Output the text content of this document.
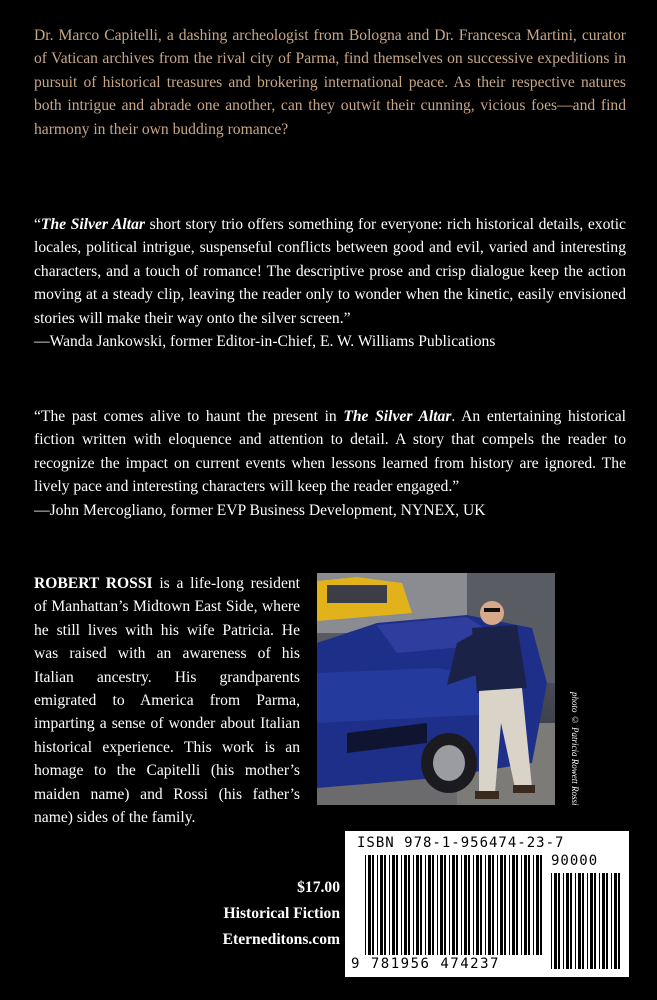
Dr. Marco Capitelli, a dashing archeologist from Bologna and Dr. Francesca Martini, curator of Vatican archives from the rival city of Parma, find themselves on successive expeditions in pursuit of historical treasures and brokering international peace. As their respective natures both intrigue and abrade one another, can they outwit their cunning, vicious foes—and find harmony in their own budding romance?

“The Silver Altar short story trio offers something for everyone: rich historical details, exotic locales, political intrigue, suspenseful conflicts between good and evil, varied and interesting characters, and a touch of romance! The descriptive prose and crisp dialogue keep the action moving at a steady clip, leaving the reader only to wonder when the kinetic, easily envisioned stories will make their way onto the silver screen.”
—Wanda Jankowski, former Editor-in-Chief, E. W. Williams Publications

“The past comes alive to haunt the present in The Silver Altar. An entertaining historical fiction written with eloquence and attention to detail. A story that compels the reader to recognize the impact on current events when lessons learned from history are ignored. The lively pace and interesting characters will keep the reader engaged.”
—John Mercogliano, former EVP Business Development, NYNEX, UK

ROBERT ROSSI is a life-long resident of Manhattan’s Midtown East Side, where he still lives with his wife Patricia. He was raised with an awareness of his Italian ancestry. His grandparents emigrated to America from Parma, imparting a sense of wonder about Italian historical experience. This work is an homage to the Capitelli (his mother’s maiden name) and Rossi (his father’s name) sides of the family.

photo © Patricia Rowett Rossi
$17.00
Historical Fiction
Eterneditons.com
ISBN 978-1-956474-23-7
90000
9 781956 474237
